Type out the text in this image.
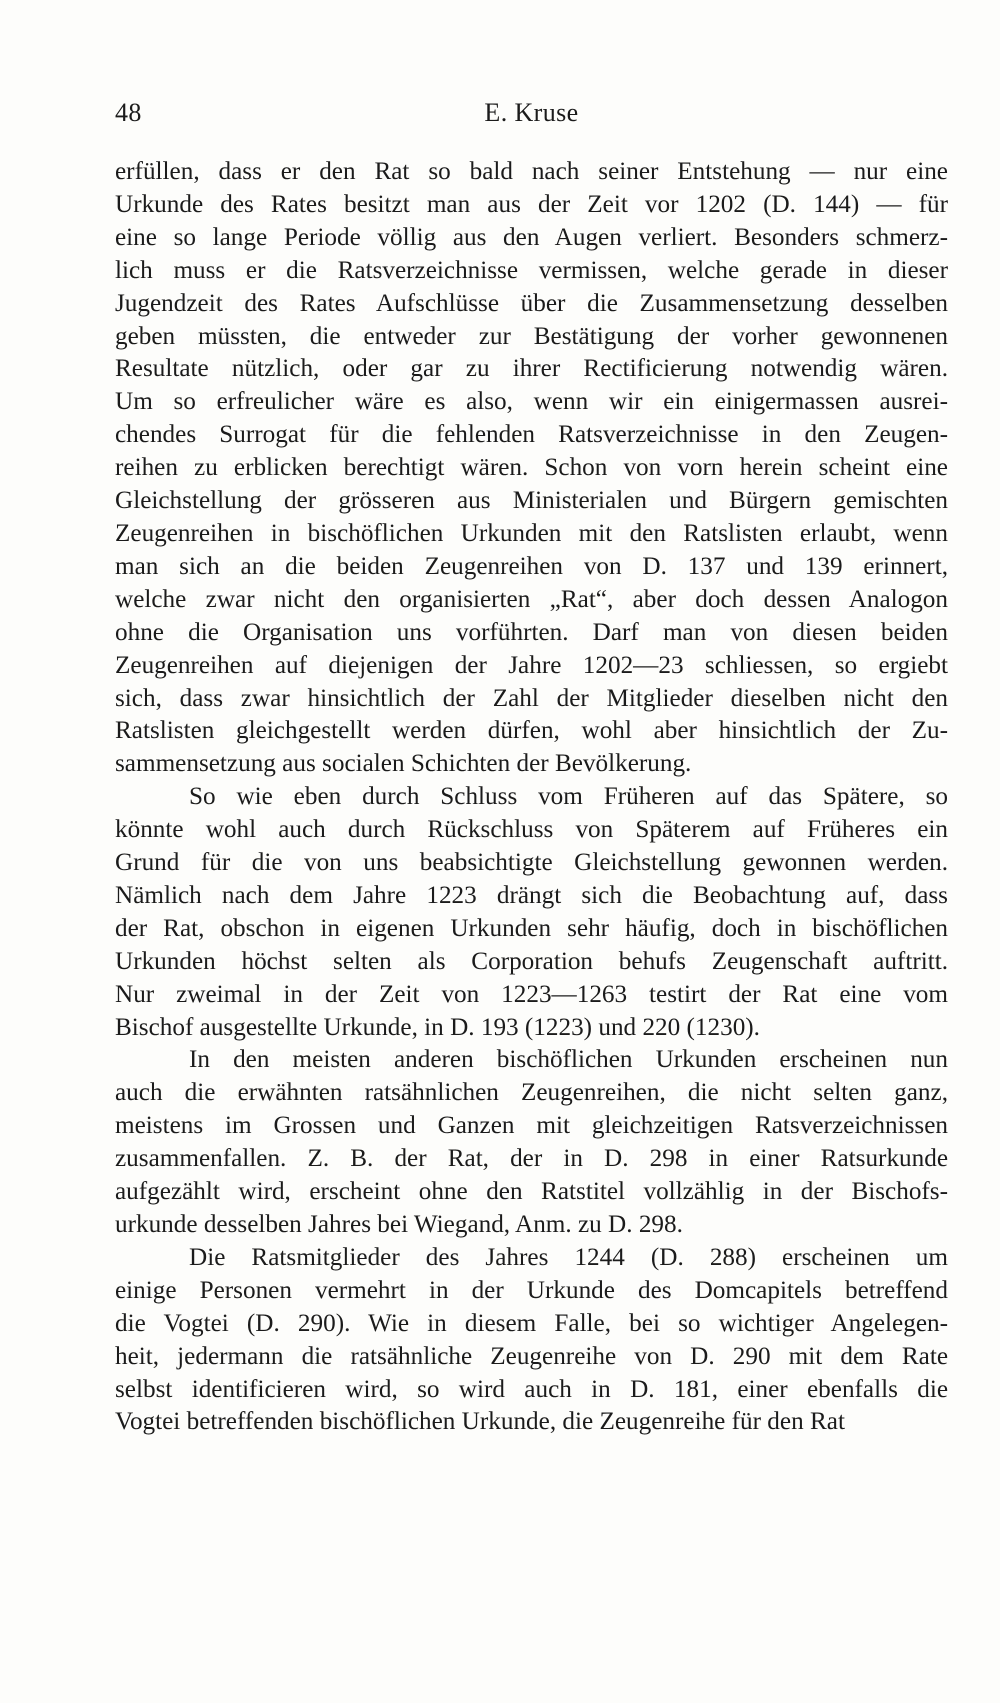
48	E. Kruse
erfüllen, dass er den Rat so bald nach seiner Entstehung — nur eine
Urkunde des Rates besitzt man aus der Zeit vor 1202 (D. 144) — für
eine so lange Periode völlig aus den Augen verliert. Besonders schmerz-
lich muss er die Ratsverzeichnisse vermissen, welche gerade in dieser
Jugendzeit des Rates Aufschlüsse über die Zusammensetzung desselben
geben müssten, die entweder zur Bestätigung der vorher gewonnenen
Resultate nützlich, oder gar zu ihrer Rectificierung notwendig wären.
Um so erfreulicher wäre es also, wenn wir ein einigermassen ausrei-
chendes Surrogat für die fehlenden Ratsverzeichnisse in den Zeugen-
reihen zu erblicken berechtigt wären. Schon von vorn herein scheint eine
Gleichstellung der grösseren aus Ministerialen und Bürgern gemischten
Zeugenreihen in bischöflichen Urkunden mit den Ratslisten erlaubt, wenn
man sich an die beiden Zeugenreihen von D. 137 und 139 erinnert,
welche zwar nicht den organisierten „Rat“, aber doch dessen Analogon
ohne die Organisation uns vorführten. Darf man von diesen beiden
Zeugenreihen auf diejenigen der Jahre 1202—23 schliessen, so ergiebt
sich, dass zwar hinsichtlich der Zahl der Mitglieder dieselben nicht den
Ratslisten gleichgestellt werden dürfen, wohl aber hinsichtlich der Zu-
sammensetzung aus socialen Schichten der Bevölkerung.
So wie eben durch Schluss vom Früheren auf das Spätere, so
könnte wohl auch durch Rückschluss von Späterem auf Früheres ein
Grund für die von uns beabsichtigte Gleichstellung gewonnen werden.
Nämlich nach dem Jahre 1223 drängt sich die Beobachtung auf, dass
der Rat, obschon in eigenen Urkunden sehr häufig, doch in bischöflichen
Urkunden höchst selten als Corporation behufs Zeugenschaft auftritt.
Nur zweimal in der Zeit von 1223—1263 testirt der Rat eine vom
Bischof ausgestellte Urkunde, in D. 193 (1223) und 220 (1230).
In den meisten anderen bischöflichen Urkunden erscheinen nun
auch die erwähnten ratsähnlichen Zeugenreihen, die nicht selten ganz,
meistens im Grossen und Ganzen mit gleichzeitigen Ratsverzeichnissen
zusammenfallen. Z. B. der Rat, der in D. 298 in einer Ratsurkunde
aufgezählt wird, erscheint ohne den Ratstitel vollzählig in der Bischofs-
urkunde desselben Jahres bei Wiegand, Anm. zu D. 298.
Die Ratsmitglieder des Jahres 1244 (D. 288) erscheinen um
einige Personen vermehrt in der Urkunde des Domcapitels betreffend
die Vogtei (D. 290). Wie in diesem Falle, bei so wichtiger Angelegen-
heit, jedermann die ratsähnliche Zeugenreihe von D. 290 mit dem Rate
selbst identificieren wird, so wird auch in D. 181, einer ebenfalls die
Vogtei betreffenden bischöflichen Urkunde, die Zeugenreihe für den Rat
